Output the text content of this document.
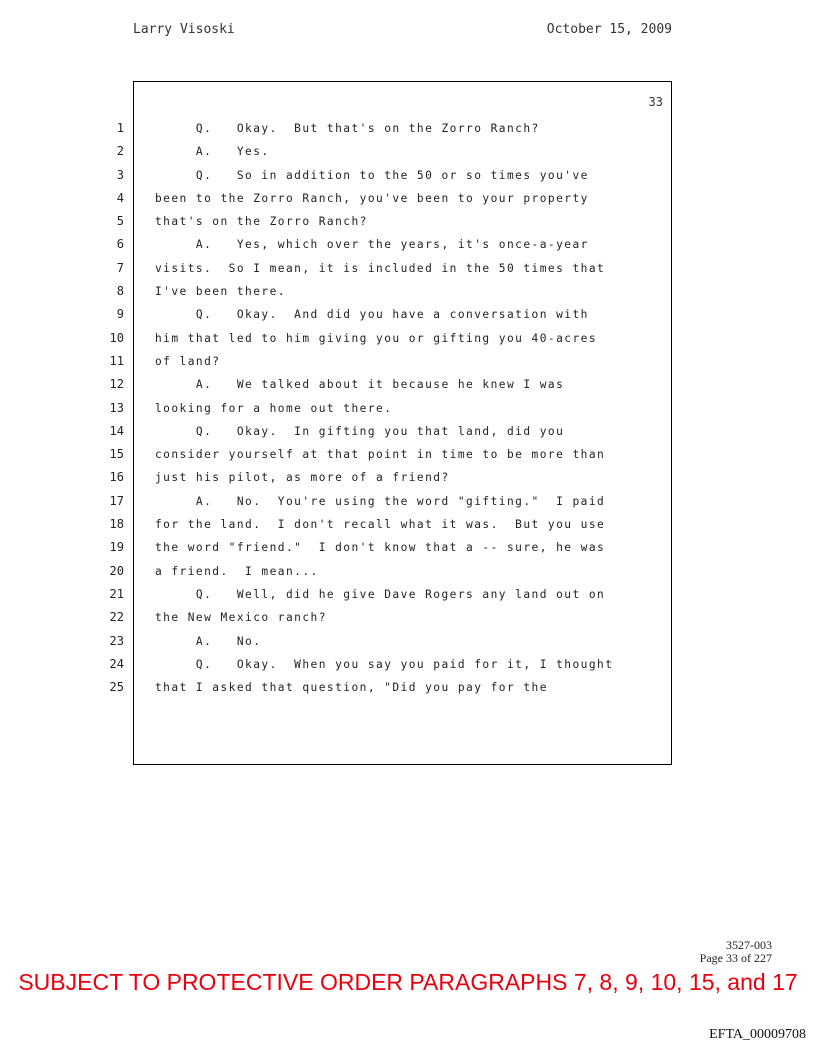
Larry Visoski	October 15, 2009
1
2
3
4
5
6
7
8
9
10
11
12
13
14
15
16
17
18
19
20
21
22
23
24
25
33
Q.   Okay.  But that's on the Zorro Ranch?
A.   Yes.
Q.   So in addition to the 50 or so times you've
been to the Zorro Ranch, you've been to your property
that's on the Zorro Ranch?
A.   Yes, which over the years, it's once-a-year
visits.  So I mean, it is included in the 50 times that
I've been there.
Q.   Okay.  And did you have a conversation with
him that led to him giving you or gifting you 40-acres
of land?
A.   We talked about it because he knew I was
looking for a home out there.
Q.   Okay.  In gifting you that land, did you
consider yourself at that point in time to be more than
just his pilot, as more of a friend?
A.   No.  You're using the word "gifting."  I paid
for the land.  I don't recall what it was.  But you use
the word "friend."  I don't know that a -- sure, he was
a friend.  I mean...
Q.   Well, did he give Dave Rogers any land out on
the New Mexico ranch?
A.   No.
Q.   Okay.  When you say you paid for it, I thought
that I asked that question, "Did you pay for the
3527-003
Page 33 of 227
SUBJECT TO PROTECTIVE ORDER PARAGRAPHS 7, 8, 9, 10, 15, and 17
EFTA_00009708
